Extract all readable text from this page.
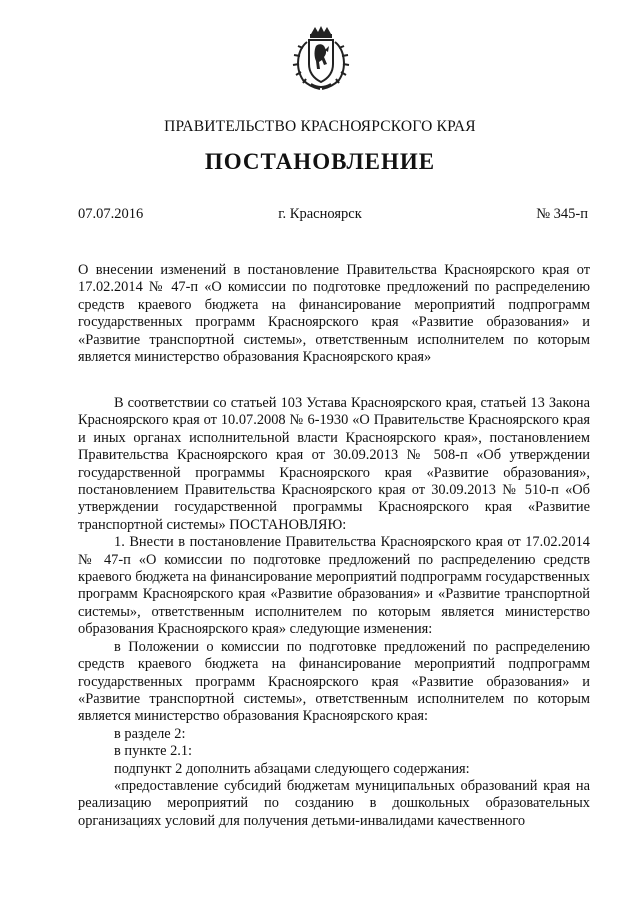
ПРАВИТЕЛЬСТВО КРАСНОЯРСКОГО КРАЯ
ПОСТАНОВЛЕНИЕ
07.07.2016	г. Красноярск	№ 345-п
О внесении изменений в постановление Правительства Красноярского края от 17.02.2014 № 47-п «О комиссии по подготовке предложений по распределению средств краевого бюджета на финансирование мероприятий подпрограмм государственных программ Красноярского края «Развитие образования» и «Развитие транспортной системы», ответственным исполнителем по которым является министерство образования Красноярского края»

В соответствии со статьей 103 Устава Красноярского края, статьей 13 Закона Красноярского края от 10.07.2008 № 6-1930 «О Правительстве Красноярского края и иных органах исполнительной власти Красноярского края», постановлением Правительства Красноярского края от 30.09.2013 № 508-п «Об утверждении государственной программы Красноярского края «Развитие образования», постановлением Правительства Красноярского края от 30.09.2013 № 510-п «Об утверждении государственной программы Красноярского края «Развитие транспортной системы» ПОСТАНОВЛЯЮ:

1. Внести в постановление Правительства Красноярского края от 17.02.2014 № 47-п «О комиссии по подготовке предложений по распределению средств краевого бюджета на финансирование мероприятий подпрограмм государственных программ Красноярского края «Развитие образования» и «Развитие транспортной системы», ответственным исполнителем по которым является министерство образования Красноярского края» следующие изменения:

в Положении о комиссии по подготовке предложений по распределению средств краевого бюджета на финансирование мероприятий подпрограмм государственных программ Красноярского края «Развитие образования» и «Развитие транспортной системы», ответственным исполнителем по которым является министерство образования Красноярского края:

в разделе 2:

в пункте 2.1:

подпункт 2 дополнить абзацами следующего содержания:

«предоставление субсидий бюджетам муниципальных образований края на реализацию мероприятий по созданию в дошкольных образовательных организациях условий для получения детьми-инвалидами качественного
